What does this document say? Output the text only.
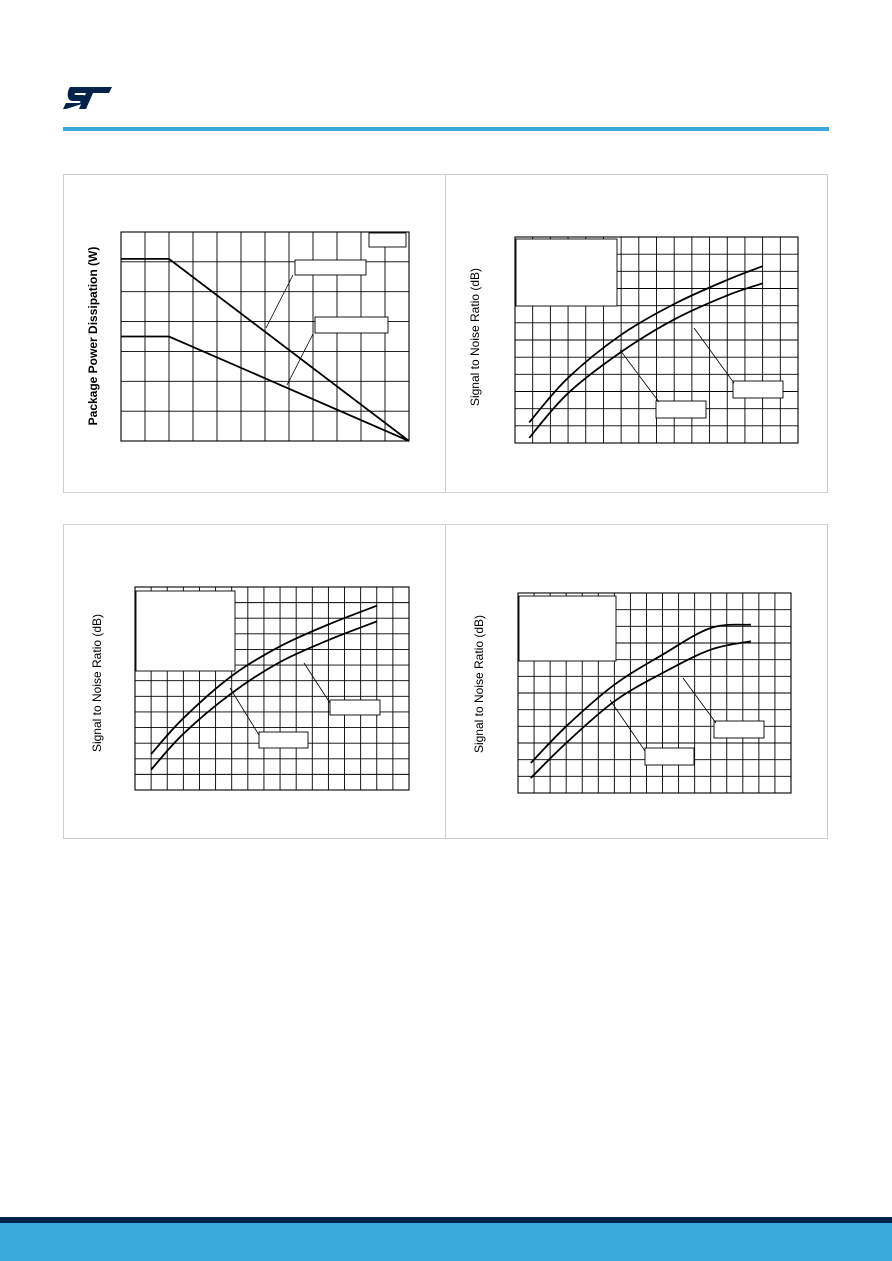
Package Power Dissipation (W)	Signal to Noise Ratio (dB)
Signal to Noise Ratio (dB)	Signal to Noise Ratio (dB)
